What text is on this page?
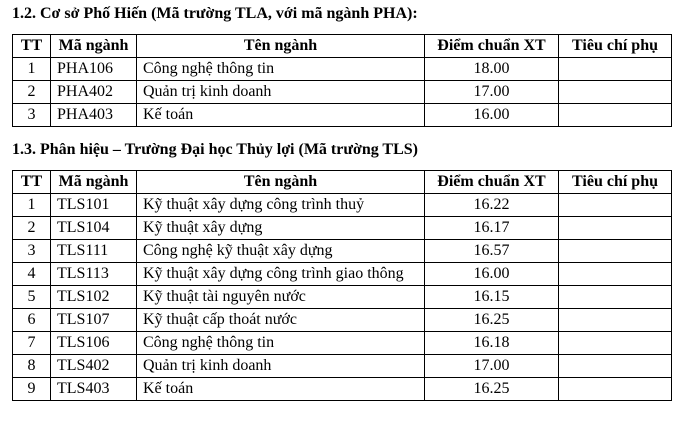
1.2. Cơ sở Phố Hiến (Mã trường TLA, với mã ngành PHA):
TT	Mã ngành	Tên ngành	Điểm chuẩn XT	Tiêu chí phụ
1	PHA106	Công nghệ thông tin	18.00	
2	PHA402	Quản trị kinh doanh	17.00	
3	PHA403	Kế toán	16.00	
1.3. Phân hiệu – Trường Đại học Thủy lợi (Mã trường TLS)
TT	Mã ngành	Tên ngành	Điểm chuẩn XT	Tiêu chí phụ
1	TLS101	Kỹ thuật xây dựng công trình thuỷ	16.22	
2	TLS104	Kỹ thuật xây dựng	16.17	
3	TLS111	Công nghệ kỹ thuật xây dựng	16.57	
4	TLS113	Kỹ thuật xây dựng công trình giao thông	16.00	
5	TLS102	Kỹ thuật tài nguyên nước	16.15	
6	TLS107	Kỹ thuật cấp thoát nước	16.25	
7	TLS106	Công nghệ thông tin	16.18	
8	TLS402	Quản trị kinh doanh	17.00	
9	TLS403	Kế toán	16.25	
